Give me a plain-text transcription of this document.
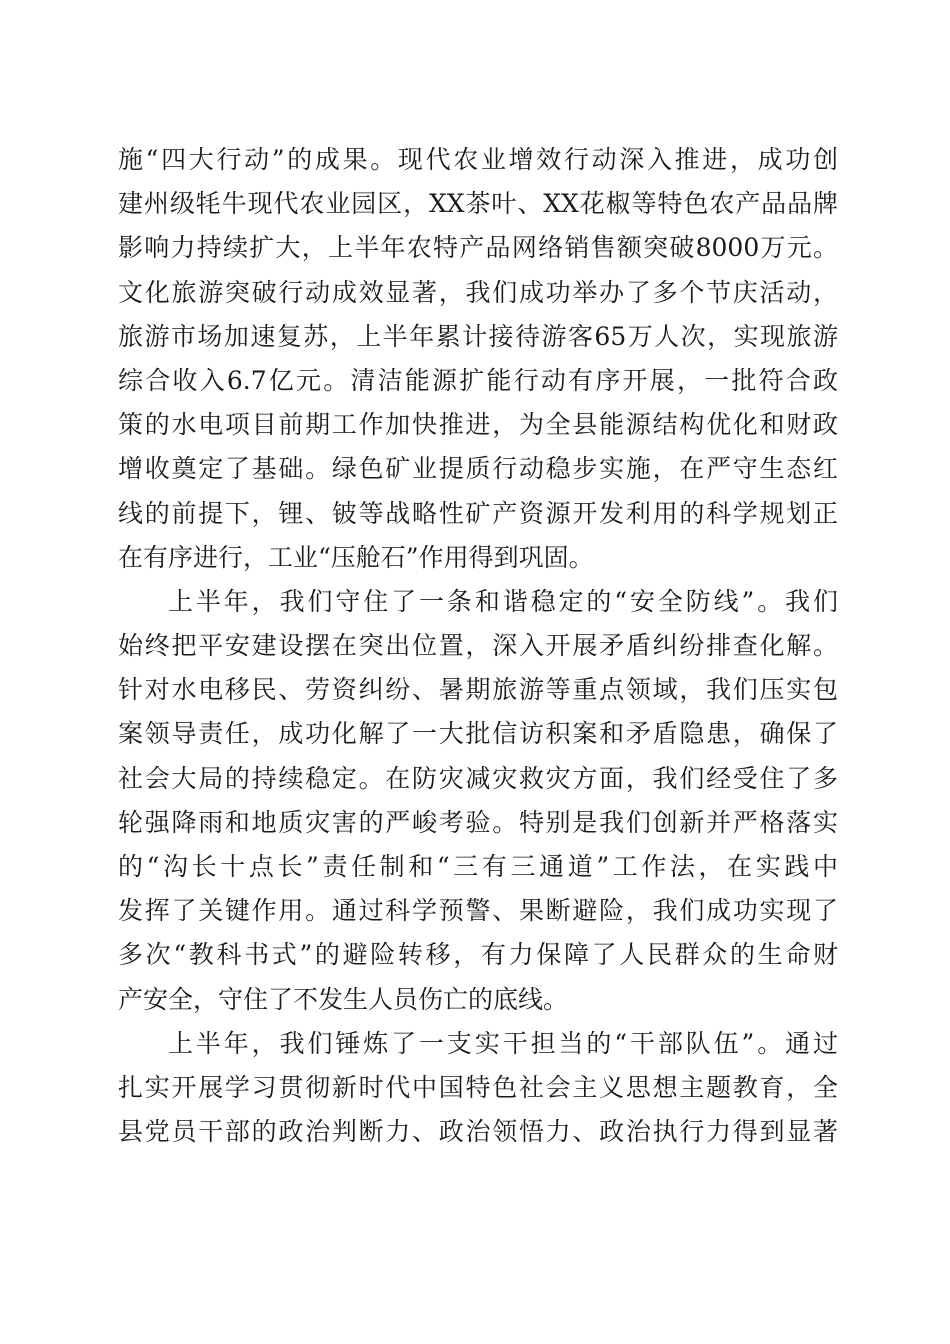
施“四大行动”的成果。现代农业增效行动深入推进，成功创
建州级牦牛现代农业园区，XX茶叶、XX花椒等特色农产品品牌
影响力持续扩大，上半年农特产品网络销售额突破8000万元。
文化旅游突破行动成效显著，我们成功举办了多个节庆活动，
旅游市场加速复苏，上半年累计接待游客65万人次，实现旅游
综合收入6.7亿元。清洁能源扩能行动有序开展，一批符合政
策的水电项目前期工作加快推进，为全县能源结构优化和财政
增收奠定了基础。绿色矿业提质行动稳步实施，在严守生态红
线的前提下，锂、铍等战略性矿产资源开发利用的科学规划正
在有序进行，工业“压舱石”作用得到巩固。
上半年，我们守住了一条和谐稳定的“安全防线”。我们
始终把平安建设摆在突出位置，深入开展矛盾纠纷排查化解。
针对水电移民、劳资纠纷、暑期旅游等重点领域，我们压实包
案领导责任，成功化解了一大批信访积案和矛盾隐患，确保了
社会大局的持续稳定。在防灾减灾救灾方面，我们经受住了多
轮强降雨和地质灾害的严峻考验。特别是我们创新并严格落实
的“沟长十点长”责任制和“三有三通道”工作法，在实践中
发挥了关键作用。通过科学预警、果断避险，我们成功实现了
多次“教科书式”的避险转移，有力保障了人民群众的生命财
产安全，守住了不发生人员伤亡的底线。
上半年，我们锤炼了一支实干担当的“干部队伍”。通过
扎实开展学习贯彻新时代中国特色社会主义思想主题教育，全
县党员干部的政治判断力、政治领悟力、政治执行力得到显著
